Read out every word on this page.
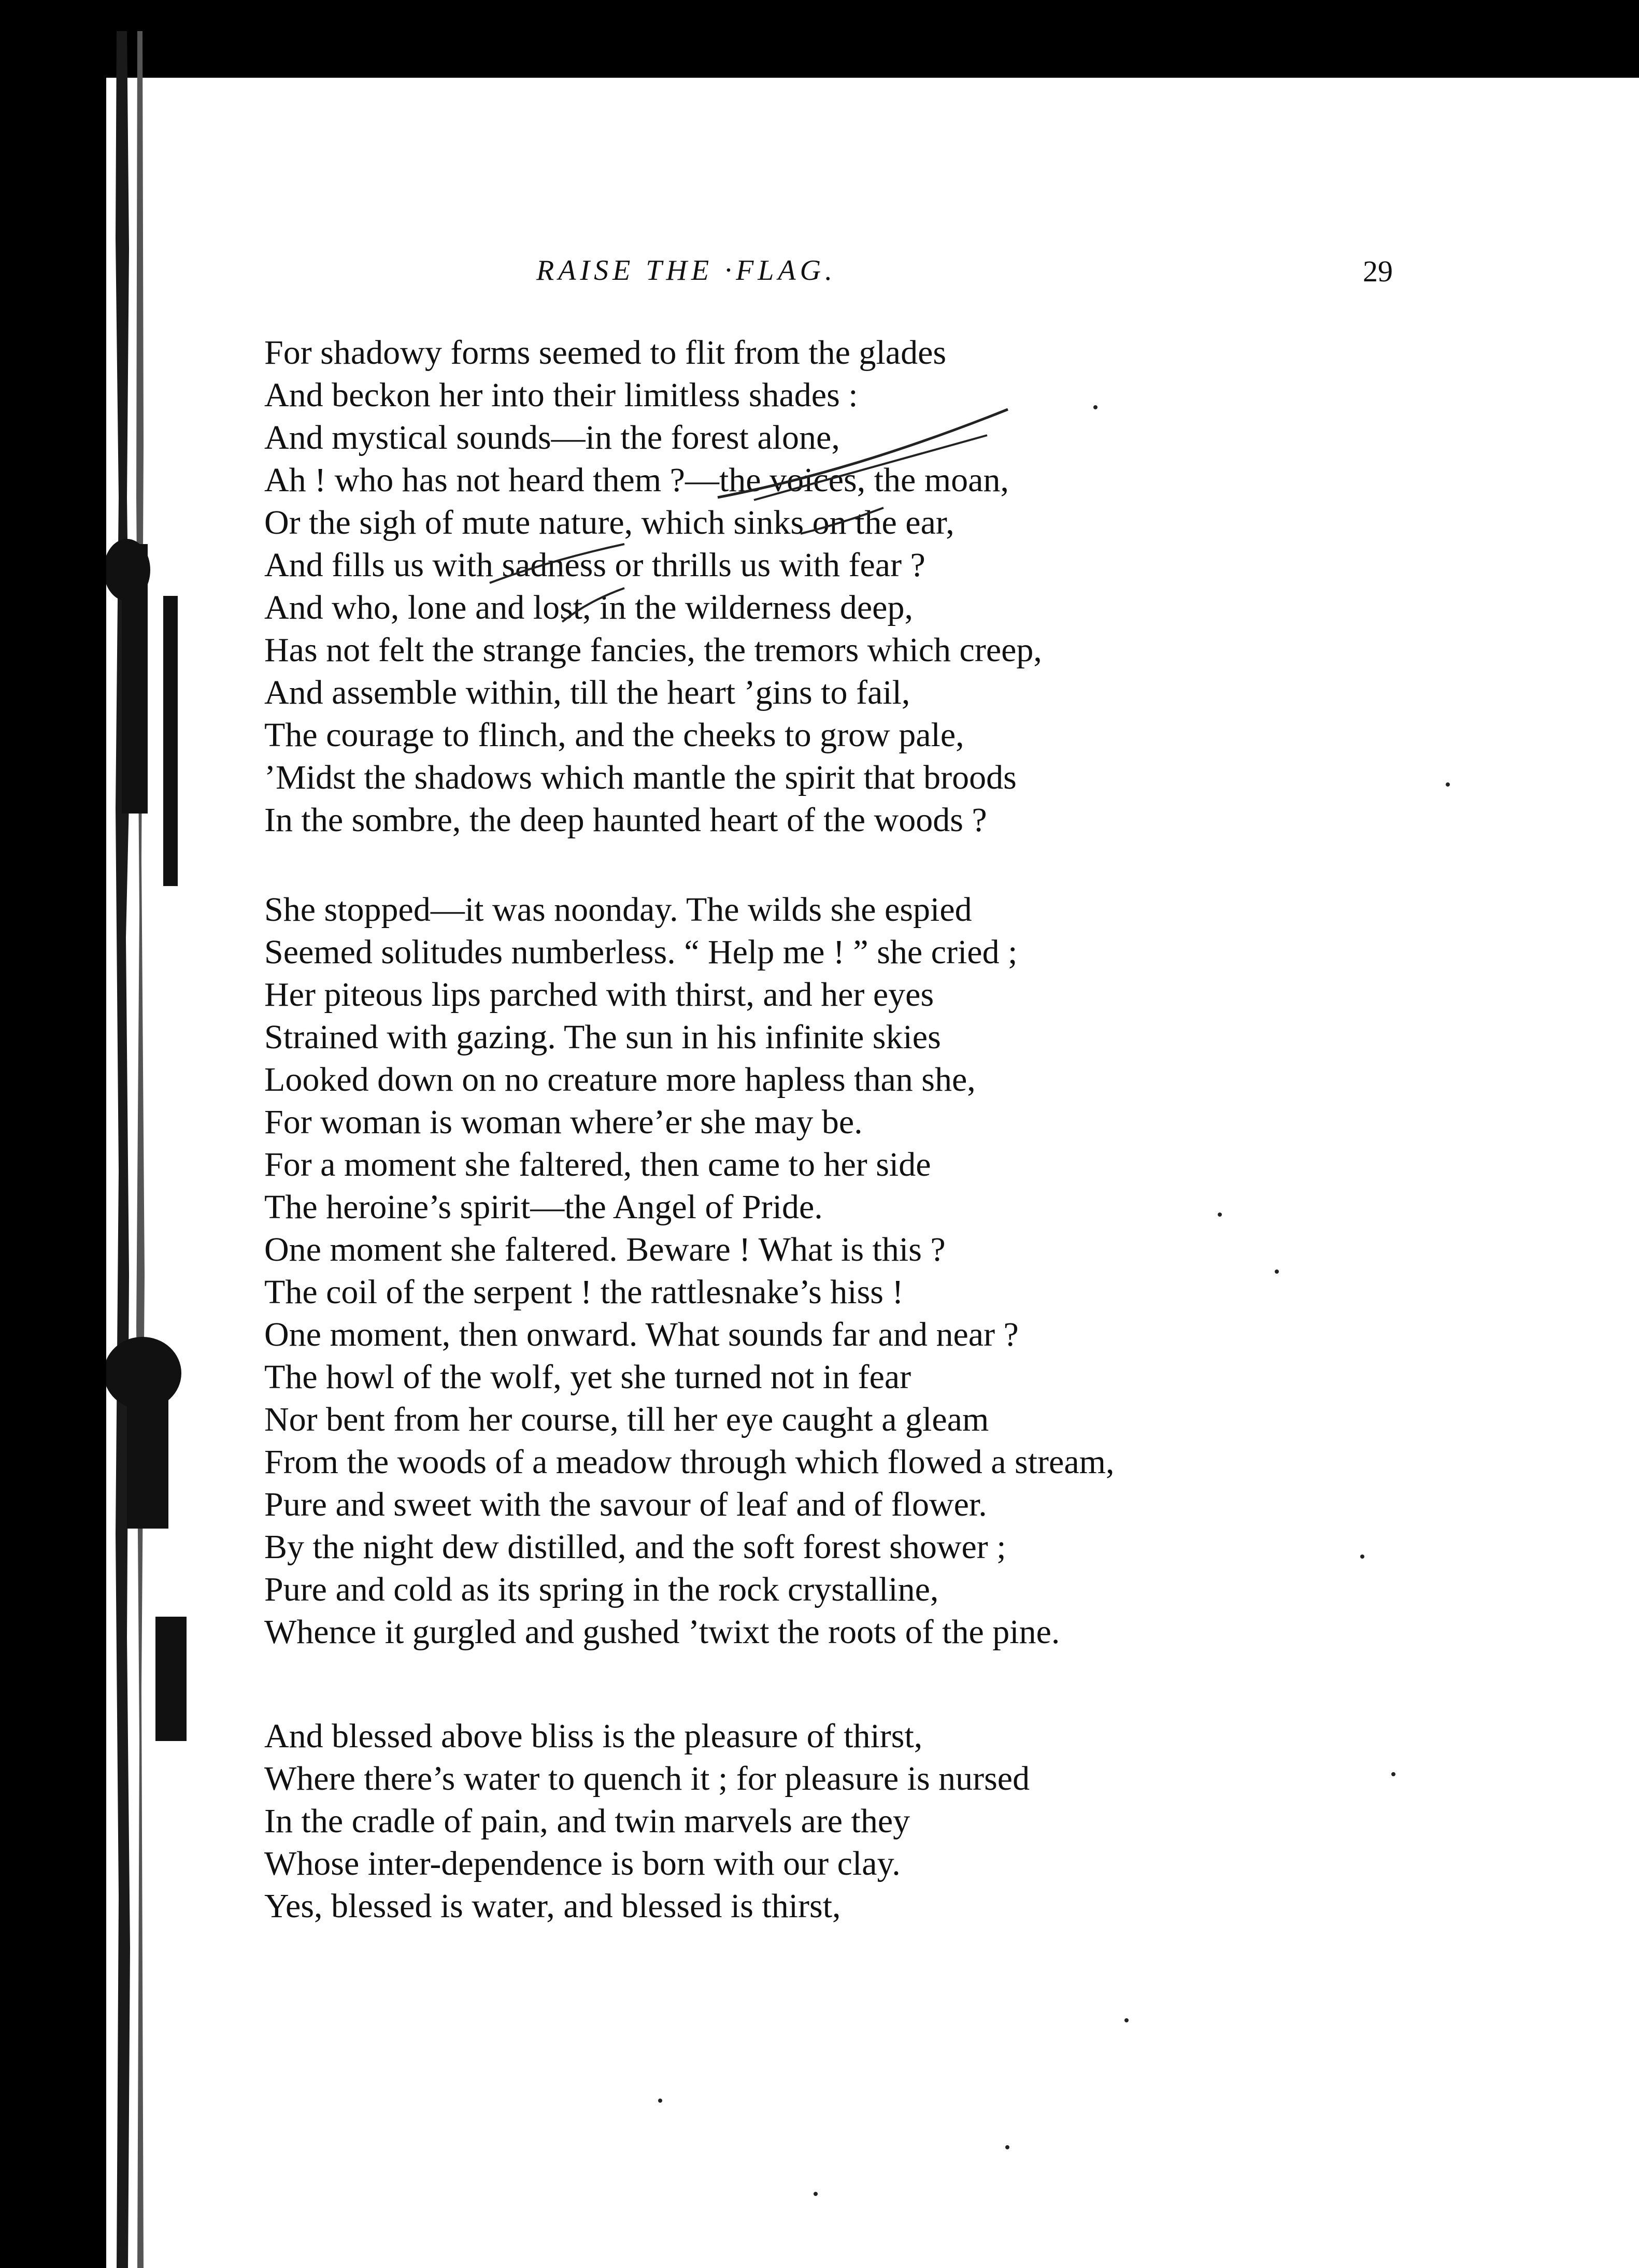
RAISE THE ·FLAG.	29
For shadowy forms seemed to flit from the glades
And beckon her into their limitless shades :
And mystical sounds—in the forest alone,
Ah ! who has not heard them ?—the voices, the moan,
Or the sigh of mute nature, which sinks on the ear,
And fills us with sadness or thrills us with fear ?
And who, lone and lost, in the wilderness deep,
Has not felt the strange fancies, the tremors which creep,
And assemble within, till the heart ’gins to fail,
The courage to flinch, and the cheeks to grow pale,
’Midst the shadows which mantle the spirit that broods
In the sombre, the deep haunted heart of the woods ?
She stopped—it was noonday. The wilds she espied
Seemed solitudes numberless. “ Help me ! ” she cried ;
Her piteous lips parched with thirst, and her eyes
Strained with gazing. The sun in his infinite skies
Looked down on no creature more hapless than she,
For woman is woman where’er she may be.
For a moment she faltered, then came to her side
The heroine’s spirit—the Angel of Pride.
One moment she faltered. Beware ! What is this ?
The coil of the serpent ! the rattlesnake’s hiss !
One moment, then onward. What sounds far and near ?
The howl of the wolf, yet she turned not in fear
Nor bent from her course, till her eye caught a gleam
From the woods of a meadow through which flowed a stream,
Pure and sweet with the savour of leaf and of flower.
By the night dew distilled, and the soft forest shower ;
Pure and cold as its spring in the rock crystalline,
Whence it gurgled and gushed ’twixt the roots of the pine.
And blessed above bliss is the pleasure of thirst,
Where there’s water to quench it ; for pleasure is nursed
In the cradle of pain, and twin marvels are they
Whose inter-dependence is born with our clay.
Yes, blessed is water, and blessed is thirst,
